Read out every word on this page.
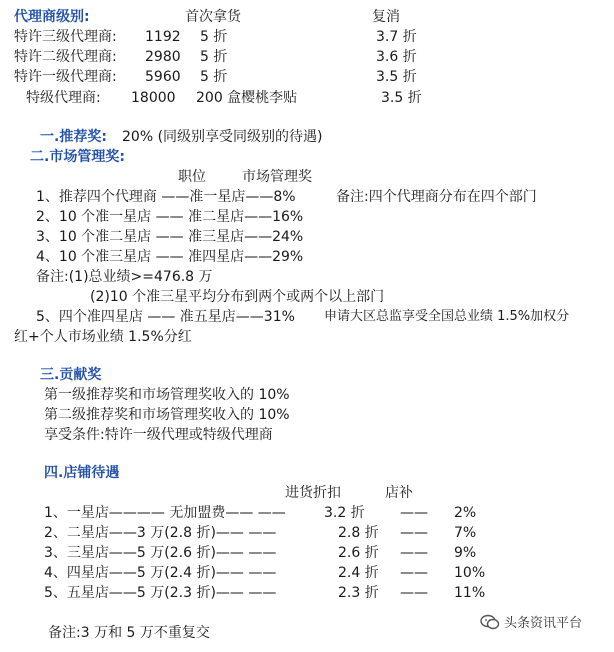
代理商级别:	首次拿货	复消
特许三级代理商: 1192 5 折	3.7 折
特许二级代理商: 2980 5 折	3.6 折
特许一级代理商: 5960 5 折	3.5 折
特级代理商: 18000 200 盒樱桃李贴	3.5 折
一.推荐奖: 20% (同级别享受同级别的待遇)
二.市场管理奖:
职位	市场管理奖
1、推荐四个代理商 ——准一星店——8%	备注:四个代理商分布在四个部门
2、10 个准一星店 —— 准二星店——16%
3、10 个准二星店 —— 准三星店——24%
4、10 个准三星店 —— 准四星店——29%
备注:(1)总业绩>=476.8 万
(2)10 个准三星平均分布到两个或两个以上部门
5、四个准四星店 —— 准五星店——31% 申请大区总监享受全国总业绩 1.5%加权分
红+个人市场业绩 1.5%分红
三.贡献奖
第一级推荐奖和市场管理奖收入的 10%
第二级推荐奖和市场管理奖收入的 10%
享受条件:特许一级代理或特级代理商
四.店铺待遇
进货折扣	店补
1、一星店———— 无加盟费—— ——	3.2 折	—— 2%
2、二星店——3 万(2.8 折)—— ——	2.8 折 —— 7%
3、三星店——5 万(2.6 折)—— ——	2.6 折 —— 9%
4、四星店——5 万(2.4 折)—— ——	2.4 折 —— 10%
5、五星店——5 万(2.3 折)—— ——	2.3 折 —— 11%
备注:3 万和 5 万不重复交
头条资讯平台
